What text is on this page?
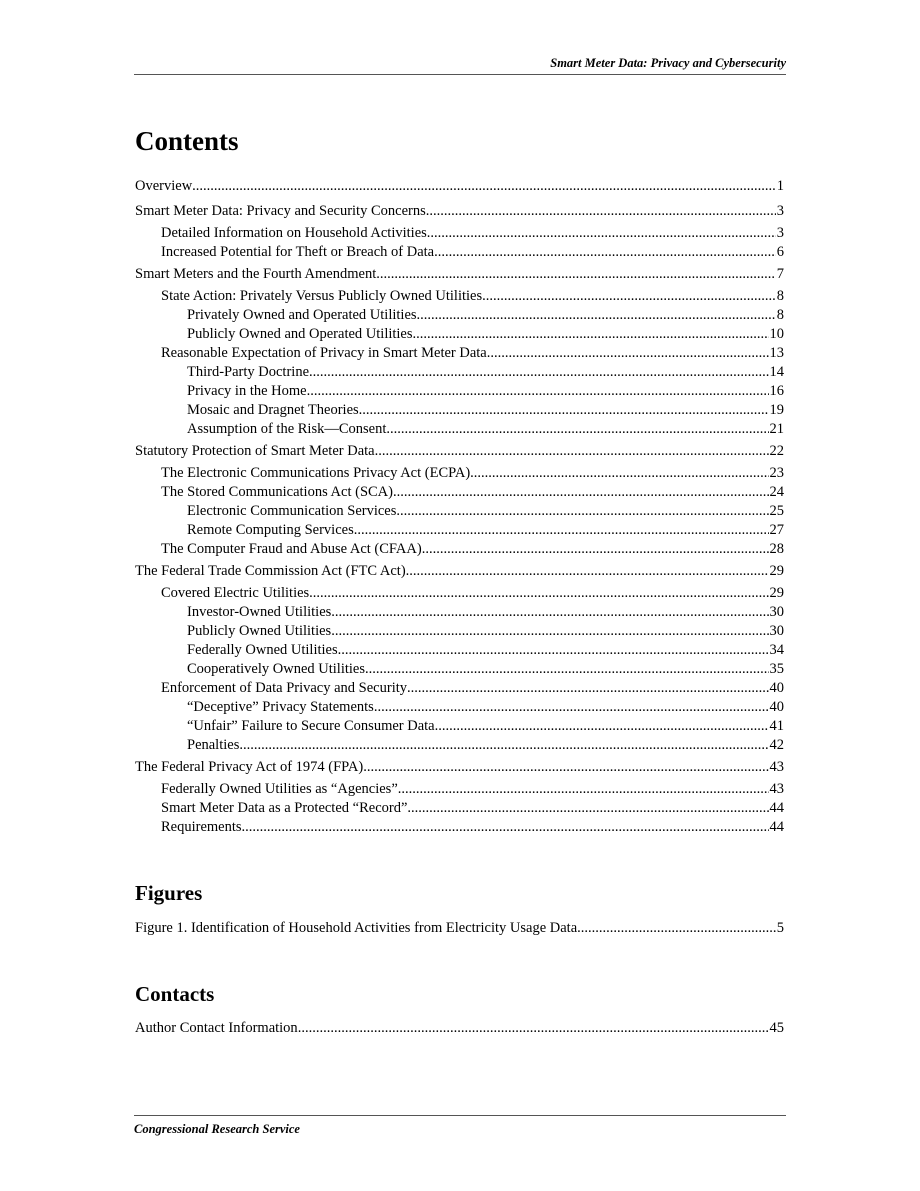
Smart Meter Data: Privacy and Cybersecurity
Contents
Overview .....	1
Smart Meter Data: Privacy and Security Concerns .....	3
Detailed Information on Household Activities .....	3
Increased Potential for Theft or Breach of Data .....	6
Smart Meters and the Fourth Amendment .....	7
State Action: Privately Versus Publicly Owned Utilities .....	8
Privately Owned and Operated Utilities .....	8
Publicly Owned and Operated Utilities .....	10
Reasonable Expectation of Privacy in Smart Meter Data .....	13
Third-Party Doctrine .....	14
Privacy in the Home .....	16
Mosaic and Dragnet Theories .....	19
Assumption of the Risk—Consent .....	21
Statutory Protection of Smart Meter Data .....	22
The Electronic Communications Privacy Act (ECPA) .....	23
The Stored Communications Act (SCA) .....	24
Electronic Communication Services .....	25
Remote Computing Services .....	27
The Computer Fraud and Abuse Act (CFAA) .....	28
The Federal Trade Commission Act (FTC Act) .....	29
Covered Electric Utilities .....	29
Investor-Owned Utilities .....	30
Publicly Owned Utilities .....	30
Federally Owned Utilities .....	34
Cooperatively Owned Utilities .....	35
Enforcement of Data Privacy and Security .....	40
“Deceptive” Privacy Statements .....	40
“Unfair” Failure to Secure Consumer Data .....	41
Penalties .....	42
The Federal Privacy Act of 1974 (FPA) .....	43
Federally Owned Utilities as “Agencies” .....	43
Smart Meter Data as a Protected “Record” .....	44
Requirements .....	44
Figures
Figure 1. Identification of Household Activities from Electricity Usage Data .....	5
Contacts
Author Contact Information .....	45
Congressional Research Service
